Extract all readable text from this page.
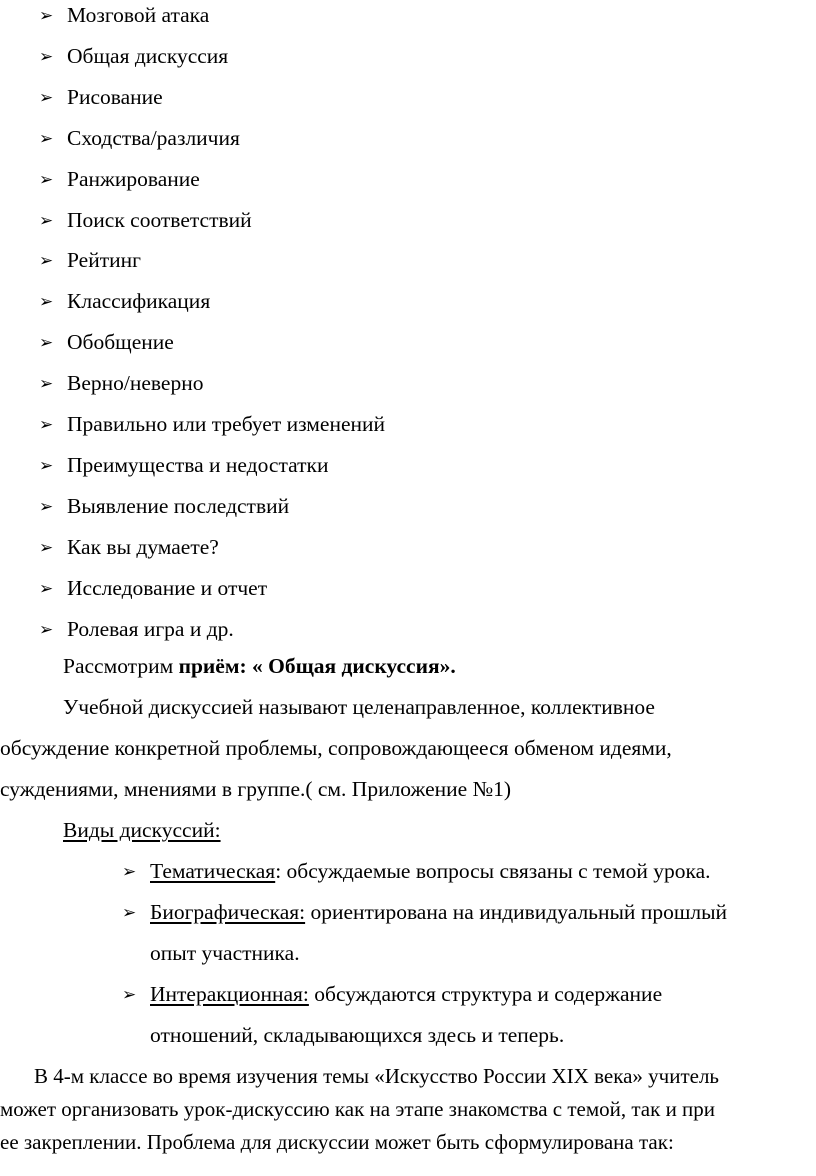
➢ Мозговой атака
➢ Общая дискуссия
➢ Рисование
➢ Сходства/различия
➢ Ранжирование
➢ Поиск соответствий
➢ Рейтинг
➢ Классификация
➢ Обобщение
➢ Верно/неверно
➢ Правильно или требует изменений
➢ Преимущества и недостатки
➢ Выявление последствий
➢ Как вы думаете?
➢ Исследование и отчет
➢ Ролевая игра и др.

Рассмотрим приём: « Общая дискуссия».

Учебной дискуссией называют целенаправленное, коллективное

обсуждение конкретной проблемы, сопровождающееся обменом идеями,

суждениями, мнениями в группе.( см. Приложение №1)

Виды дискуссий:

➢ Тематическая: обсуждаемые вопросы связаны с темой урока.

➢ Биографическая: ориентирована на индивидуальный прошлый

опыт участника.

➢ Интеракционная: обсуждаются структура и содержание

отношений, складывающихся здесь и теперь.

В 4-м классе во время изучения темы «Искусство России XIX века» учитель

может организовать урок-дискуссию как на этапе знакомства с темой, так и при

ее закреплении. Проблема для дискуссии может быть сформулирована так:
